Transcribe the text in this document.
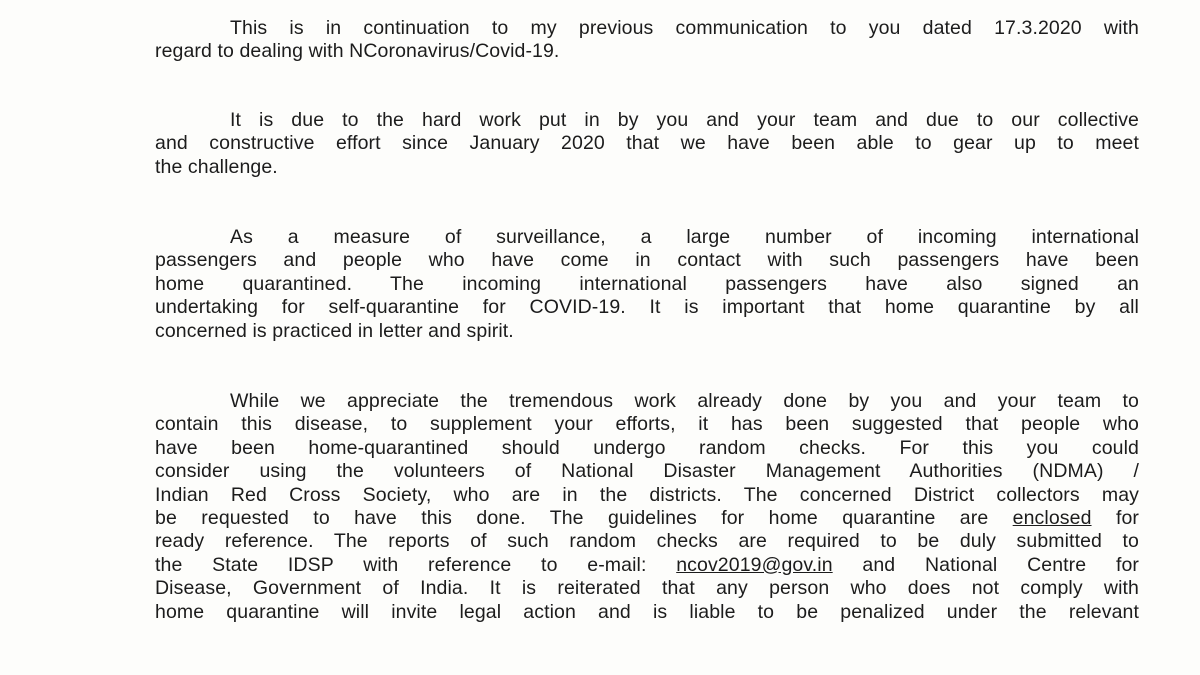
This is in continuation to my previous communication to you dated 17.3.2020 with
regard to dealing with NCoronavirus/Covid-19.
It is due to the hard work put in by you and your team and due to our collective
and constructive effort since January 2020 that we have been able to gear up to meet
the challenge.
As a measure of surveillance, a large number of incoming international
passengers and people who have come in contact with such passengers have been
home quarantined. The incoming international passengers have also signed an
undertaking for self-quarantine for COVID-19. It is important that home quarantine by all
concerned is practiced in letter and spirit.
While we appreciate the tremendous work already done by you and your team to
contain this disease, to supplement your efforts, it has been suggested that people who
have been home-quarantined should undergo random checks. For this you could
consider using the volunteers of National Disaster Management Authorities (NDMA) /
Indian Red Cross Society, who are in the districts. The concerned District collectors may
be requested to have this done. The guidelines for home quarantine are enclosed for
ready reference. The reports of such random checks are required to be duly submitted to
the State IDSP with reference to e-mail: ncov2019@gov.in and National Centre for
Disease, Government of India. It is reiterated that any person who does not comply with
home quarantine will invite legal action and is liable to be penalized under the relevant
